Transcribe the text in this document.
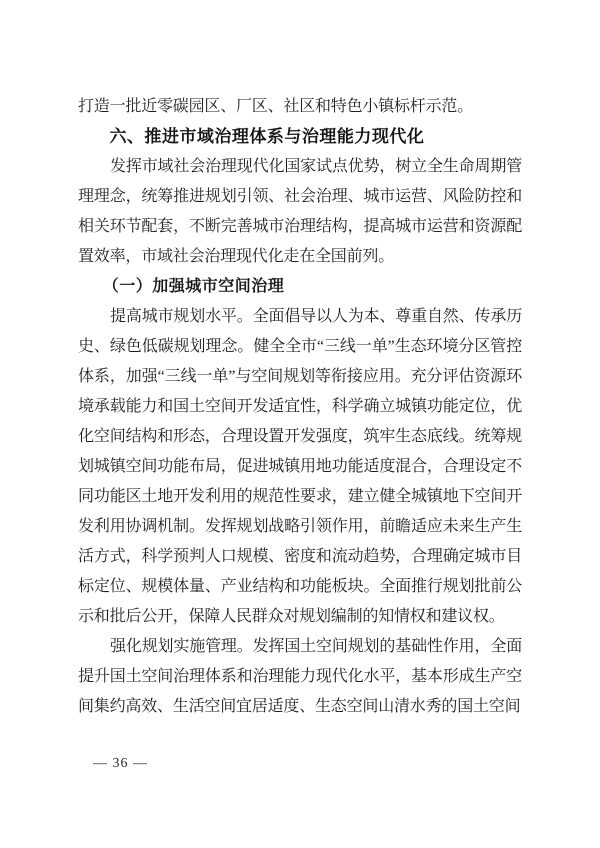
打造一批近零碳园区、厂区、社区和特色小镇标杆示范。

六、推进市域治理体系与治理能力现代化

发挥市域社会治理现代化国家试点优势，树立全生命周期管理理念，统筹推进规划引领、社会治理、城市运营、风险防控和相关环节配套，不断完善城市治理结构，提高城市运营和资源配置效率，市域社会治理现代化走在全国前列。

（一）加强城市空间治理

提高城市规划水平。全面倡导以人为本、尊重自然、传承历史、绿色低碳规划理念。健全全市“三线一单”生态环境分区管控体系，加强“三线一单”与空间规划等衔接应用。充分评估资源环境承载能力和国土空间开发适宜性，科学确立城镇功能定位，优化空间结构和形态，合理设置开发强度，筑牢生态底线。统筹规划城镇空间功能布局，促进城镇用地功能适度混合，合理设定不同功能区土地开发利用的规范性要求，建立健全城镇地下空间开发利用协调机制。发挥规划战略引领作用，前瞻适应未来生产生活方式，科学预判人口规模、密度和流动趋势，合理确定城市目标定位、规模体量、产业结构和功能板块。全面推行规划批前公示和批后公开，保障人民群众对规划编制的知情权和建议权。

强化规划实施管理。发挥国土空间规划的基础性作用，全面提升国土空间治理体系和治理能力现代化水平，基本形成生产空间集约高效、生活空间宜居适度、生态空间山清水秀的国土空间

— 36 —
